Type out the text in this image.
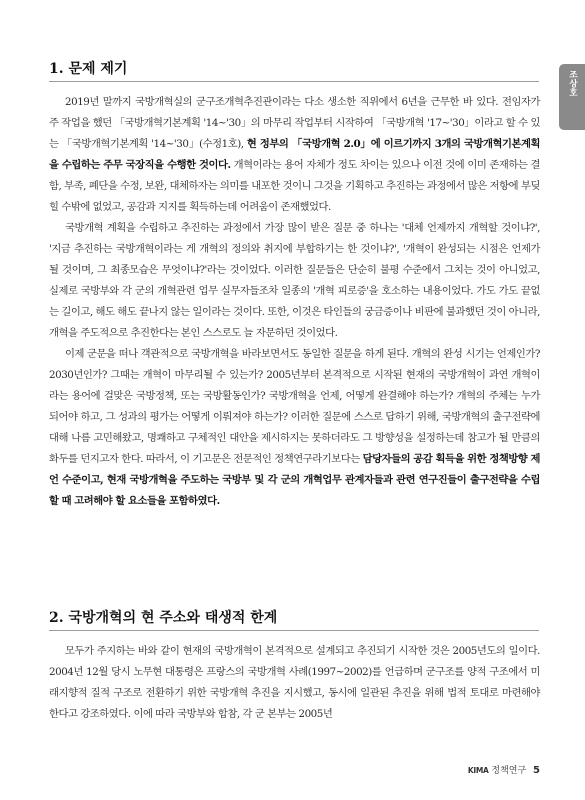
조상호
1. 문제 제기

2019년 말까지 국방개혁실의 군구조개혁추진관이라는 다소 생소한 직위에서 6년을 근무한 바 있다. 전임자가 주 작업을 했던 「국방개혁기본계획 '14~'30」의 마무리 작업부터 시작하여 「국방개혁 '17~'30」이라고 할 수 있는 「국방개혁기본계획 '14~'30」(수정1호), 현 정부의 「국방개혁 2.0」에 이르기까지 3개의 국방개혁기본계획을 수립하는 주무 국장직을 수행한 것이다. 개혁이라는 용어 자체가 정도 차이는 있으나 이전 것에 이미 존재하는 결함, 부족, 폐단을 수정, 보완, 대체하자는 의미를 내포한 것이니 그것을 기획하고 추진하는 과정에서 많은 저항에 부딪힐 수밖에 없었고, 공감과 지지를 획득하는데 어려움이 존재했었다.

국방개혁 계획을 수립하고 추진하는 과정에서 가장 많이 받은 질문 중 하나는 '대체 언제까지 개혁할 것이냐?', '지금 추진하는 국방개혁이라는 게 개혁의 정의와 취지에 부합하기는 한 것이냐?', '개혁이 완성되는 시점은 언제가 될 것이며, 그 최종모습은 무엇이냐?'라는 것이었다. 이러한 질문들은 단순히 불평 수준에서 그치는 것이 아니었고, 실제로 국방부와 각 군의 개혁관련 업무 실무자들조차 일종의 '개혁 피로증'을 호소하는 내용이었다. 가도 가도 끝없는 길이고, 해도 해도 끝나지 않는 일이라는 것이다. 또한, 이것은 타인들의 궁금증이나 비판에 불과했던 것이 아니라, 개혁을 주도적으로 추진한다는 본인 스스로도 늘 자문하던 것이었다.

이제 군문을 떠나 객관적으로 국방개혁을 바라보면서도 동일한 질문을 하게 된다. 개혁의 완성 시기는 언제인가? 2030년인가? 그때는 개혁이 마무리될 수 있는가? 2005년부터 본격적으로 시작된 현재의 국방개혁이 과연 개혁이라는 용어에 걸맞은 국방정책, 또는 국방활동인가? 국방개혁을 언제, 어떻게 완결해야 하는가? 개혁의 주체는 누가 되어야 하고, 그 성과의 평가는 어떻게 이뤄져야 하는가? 이러한 질문에 스스로 답하기 위해, 국방개혁의 출구전략에 대해 나름 고민해왔고, 명쾌하고 구체적인 대안을 제시하지는 못하더라도 그 방향성을 설정하는데 참고가 될 만큼의 화두를 던지고자 한다. 따라서, 이 기고문은 전문적인 정책연구라기보다는 담당자들의 공감 획득을 위한 정책방향 제언 수준이고, 현재 국방개혁을 주도하는 국방부 및 각 군의 개혁업무 관계자들과 관련 연구진들이 출구전략을 수립할 때 고려해야 할 요소들을 포함하였다.

2. 국방개혁의 현 주소와 태생적 한계

모두가 주지하는 바와 같이 현재의 국방개혁이 본격적으로 설계되고 추진되기 시작한 것은 2005년도의 일이다. 2004년 12월 당시 노무현 대통령은 프랑스의 국방개혁 사례(1997~2002)를 언급하며 군구조를 양적 구조에서 미래지향적 질적 구조로 전환하기 위한 국방개혁 추진을 지시했고, 동시에 일관된 추진을 위해 법적 토대로 마련해야 한다고 강조하였다. 이에 따라 국방부와 합참, 각 군 본부는 2005년

KIMA 정책연구 5
